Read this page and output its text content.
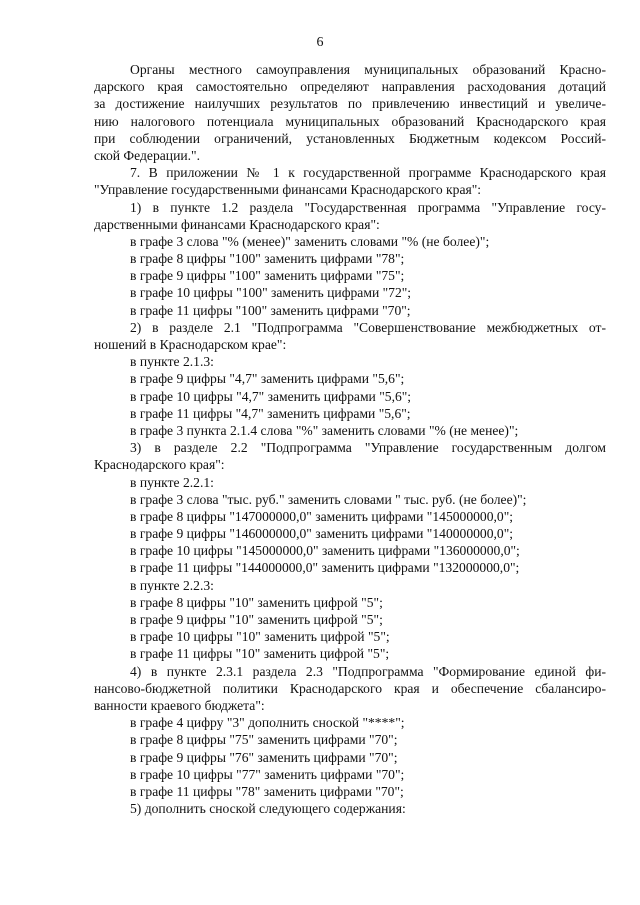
6
Органы местного самоуправления муниципальных образований Красно-
дарского края самостоятельно определяют направления расходования дотаций
за достижение наилучших результатов по привлечению инвестиций и увеличе-
нию налогового потенциала муниципальных образований Краснодарского края
при соблюдении ограничений, установленных Бюджетным кодексом Россий-
ской Федерации.".
7. В приложении № 1 к государственной программе Краснодарского края
"Управление государственными финансами Краснодарского края":
1) в пункте 1.2 раздела "Государственная программа "Управление госу-
дарственными финансами Краснодарского края":
в графе 3 слова "% (менее)" заменить словами "% (не более)";
в графе 8 цифры "100" заменить цифрами "78";
в графе 9 цифры "100" заменить цифрами "75";
в графе 10 цифры "100" заменить цифрами "72";
в графе 11 цифры "100" заменить цифрами "70";
2) в разделе 2.1 "Подпрограмма "Совершенствование межбюджетных от-
ношений в Краснодарском крае":
в пункте 2.1.3:
в графе 9 цифры "4,7" заменить цифрами "5,6";
в графе 10 цифры "4,7" заменить цифрами "5,6";
в графе 11 цифры "4,7" заменить цифрами "5,6";
в графе 3 пункта 2.1.4 слова "%" заменить словами "% (не менее)";
3) в разделе 2.2 "Подпрограмма "Управление государственным долгом
Краснодарского края":
в пункте 2.2.1:
в графе 3 слова "тыс. руб." заменить словами " тыс. руб. (не более)";
в графе 8 цифры "147000000,0" заменить цифрами "145000000,0";
в графе 9 цифры "146000000,0" заменить цифрами "140000000,0";
в графе 10 цифры "145000000,0" заменить цифрами "136000000,0";
в графе 11 цифры "144000000,0" заменить цифрами "132000000,0";
в пункте 2.2.3:
в графе 8 цифры "10" заменить цифрой "5";
в графе 9 цифры "10" заменить цифрой "5";
в графе 10 цифры "10" заменить цифрой "5";
в графе 11 цифры "10" заменить цифрой "5";
4) в пункте 2.3.1 раздела 2.3 "Подпрограмма "Формирование единой фи-
нансово-бюджетной политики Краснодарского края и обеспечение сбалансиро-
ванности краевого бюджета":
в графе 4 цифру "3" дополнить сноской "****";
в графе 8 цифры "75" заменить цифрами "70";
в графе 9 цифры "76" заменить цифрами "70";
в графе 10 цифры "77" заменить цифрами "70";
в графе 11 цифры "78" заменить цифрами "70";
5) дополнить сноской следующего содержания:
